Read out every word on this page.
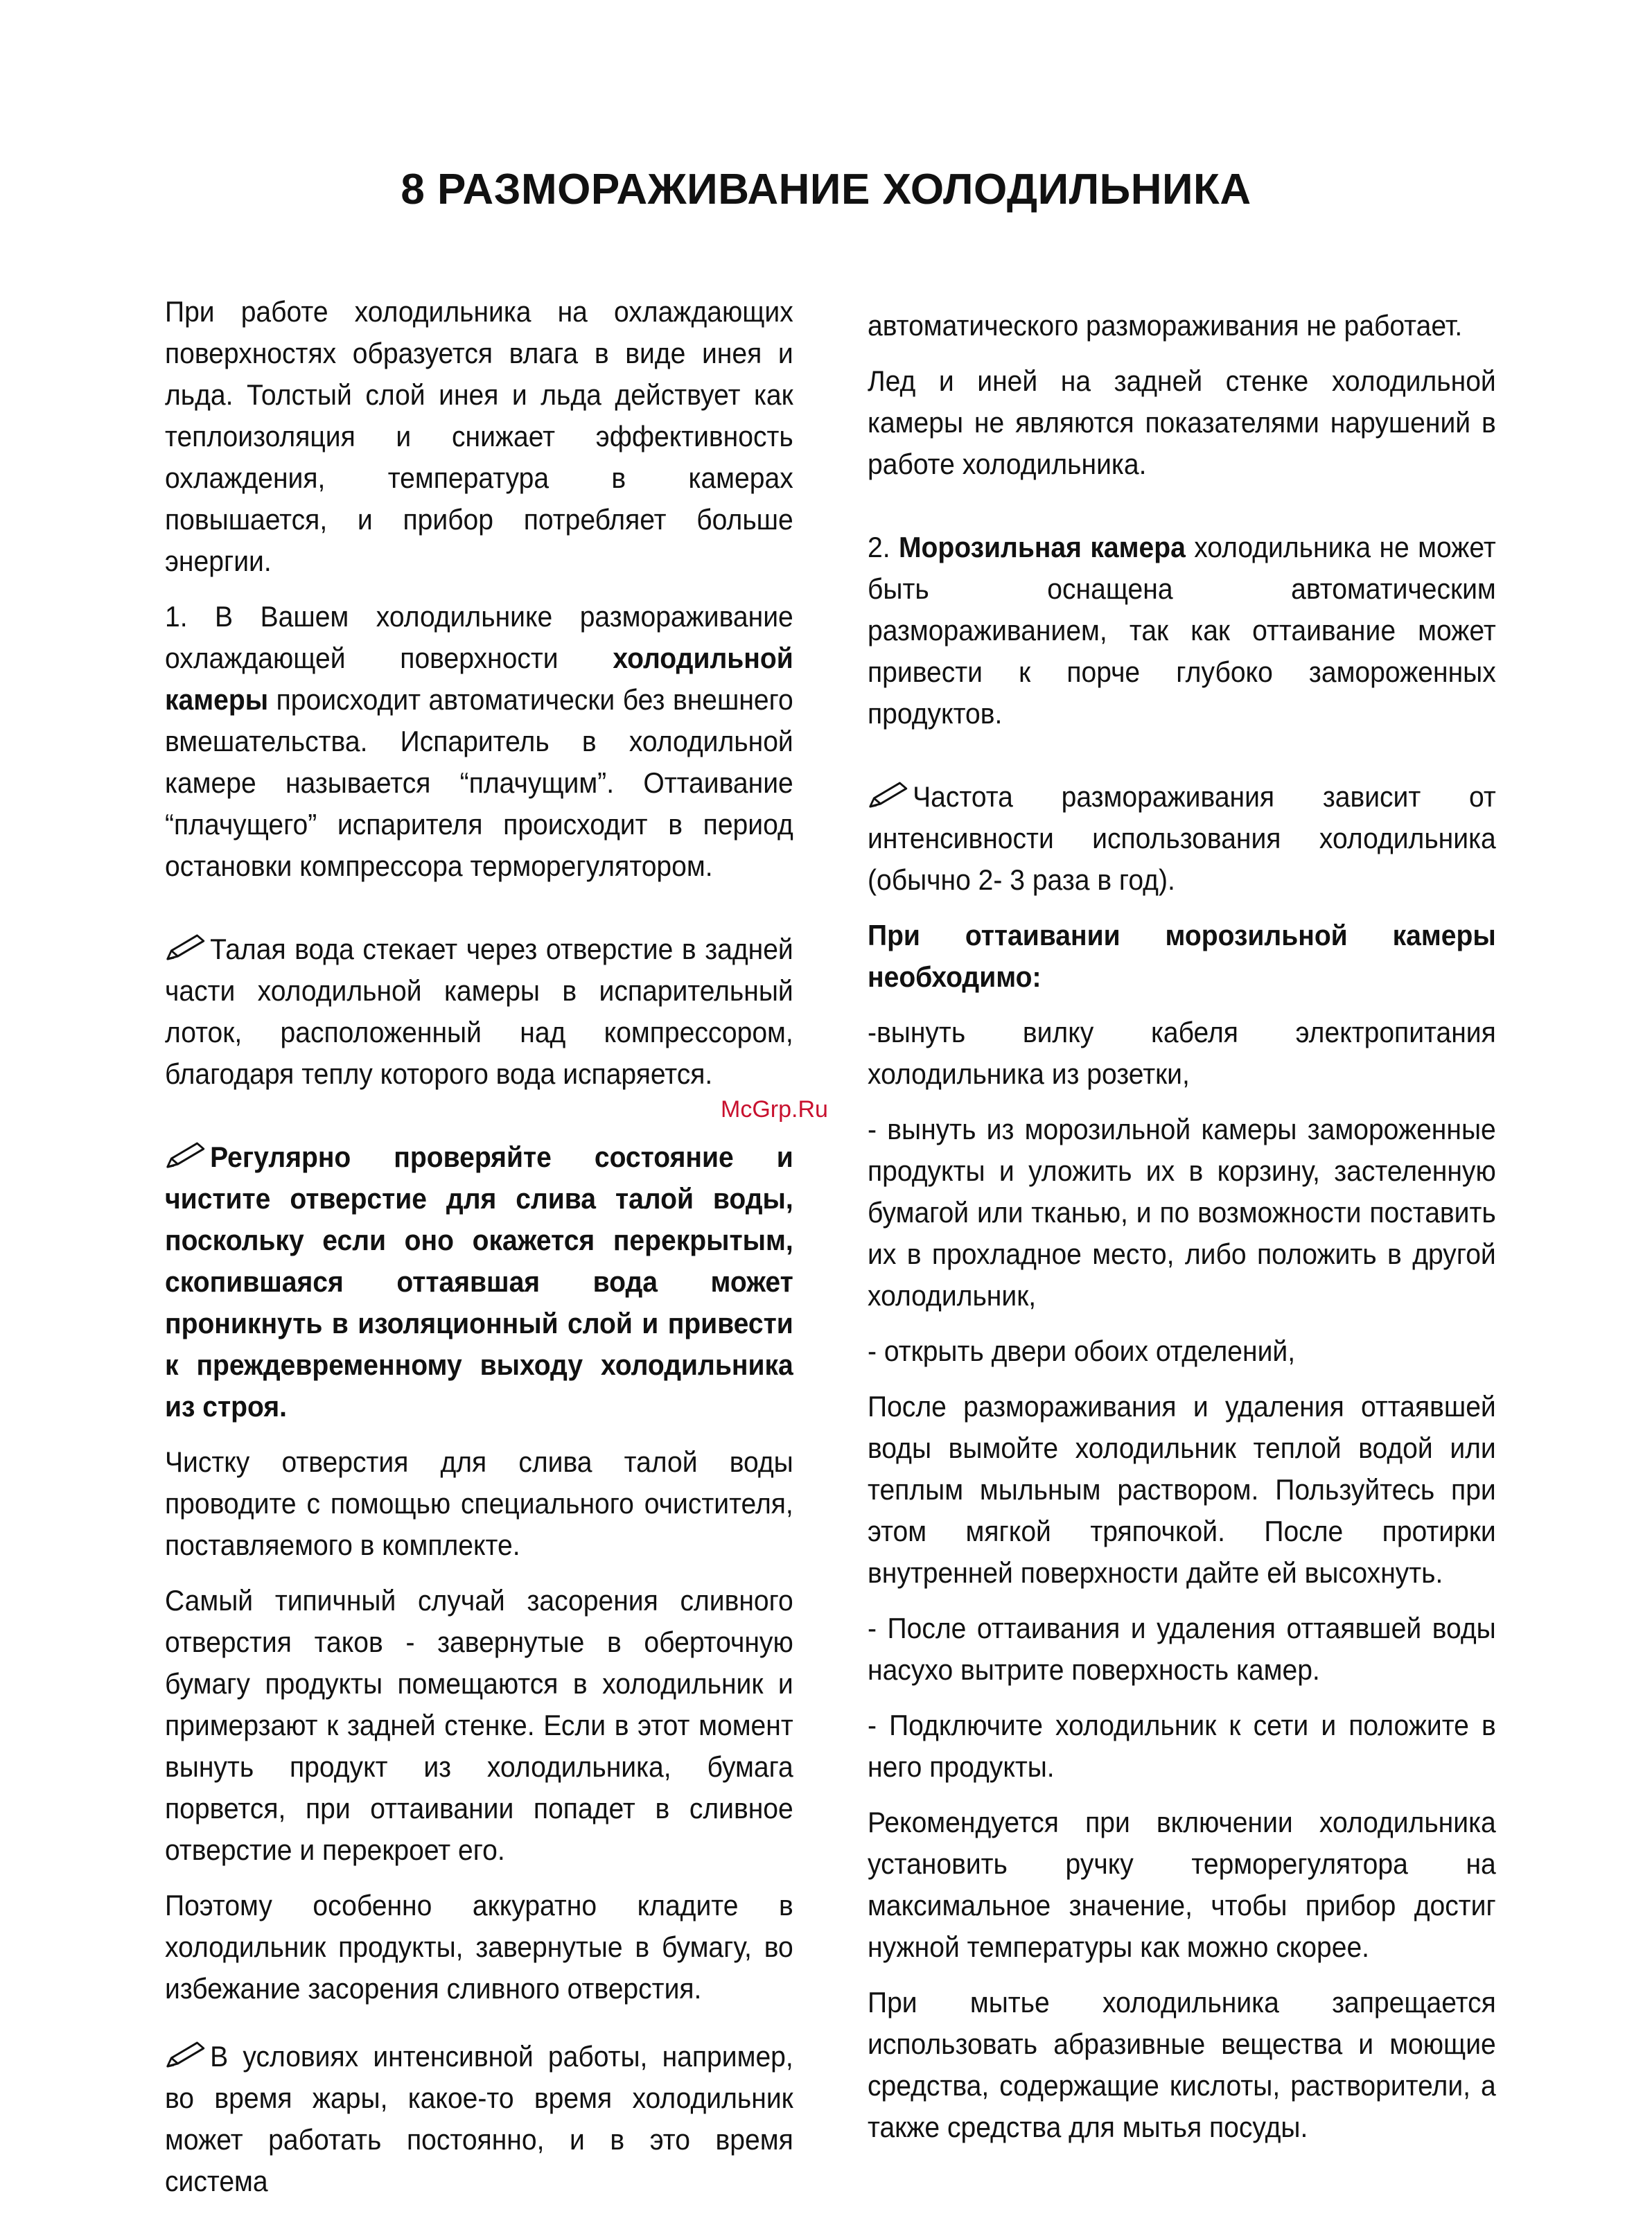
8 РАЗМОРАЖИВАНИЕ ХОЛОДИЛЬНИКА

При работе холодильника на охлаждающих поверхностях образуется влага в виде инея и льда. Толстый слой инея и льда действует как теплоизоляция и снижает эффективность охлаждения, температура в камерах повышается, и прибор потребляет больше энергии.

1. В Вашем холодильнике размораживание охлаждающей поверхности холодильной камеры происходит автоматически без внешнего вмешательства. Испаритель в холодильной камере называется “плачущим”. Оттаивание “плачущего” испарителя происходит в период остановки компрессора терморегулятором.

Талая вода стекает через отверстие в задней части холодильной камеры в испарительный лоток, расположенный над компрессором, благодаря теплу которого вода испаряется.

Регулярно проверяйте состояние и чистите отверстие для слива талой воды, поскольку если оно окажется перекрытым, скопившаяся оттаявшая вода может проникнуть в изоляционный слой и привести к преждевременному выходу холодильника из строя.

Чистку отверстия для слива талой воды проводите с помощью специального очистителя, поставляемого в комплекте.

Самый типичный случай засорения сливного отверстия таков - завернутые в оберточную бумагу продукты помещаются в холодильник и примерзают к задней стенке. Если в этот момент вынуть продукт из холодильника, бумага порвется, при оттаивании попадет в сливное отверстие и перекроет его.

Поэтому особенно аккуратно кладите в холодильник продукты, завернутые в бумагу, во избежание засорения сливного отверстия.

В условиях интенсивной работы, например, во время жары, какое-то время холодильник может работать постоянно, и в это время система

автоматического размораживания не работает.

Лед и иней на задней стенке холодильной камеры не являются показателями нарушений в работе холодильника.

2. Морозильная камера холодильника не может быть оснащена автоматическим размораживанием, так как оттаивание может привести к порче глубоко замороженных продуктов.

Частота размораживания зависит от интенсивности использования холодильника (обычно 2- 3 раза в год).

При оттаивании морозильной камеры необходимо:

-вынуть вилку кабеля электропитания холодильника из розетки,

- вынуть из морозильной камеры замороженные продукты и уложить их в корзину, застеленную бумагой или тканью, и по возможности поставить их в прохладное место, либо положить в другой холодильник,

- открыть двери обоих отделений,

После размораживания и удаления оттаявшей воды вымойте холодильник теплой водой или теплым мыльным раствором. Пользуйтесь при этом мягкой тряпочкой. После протирки внутренней поверхности дайте ей высохнуть.

- После оттаивания и удаления оттаявшей воды насухо вытрите поверхность камер.

- Подключите холодильник к сети и положите в него продукты.

Рекомендуется при включении холодильника установить ручку терморегулятора на максимальное значение, чтобы прибор достиг нужной температуры как можно скорее.

При мытье холодильника запрещается использовать абразивные вещества и моющие средства, содержащие кислоты, растворители, а также средства для мытья посуды.

McGrp.Ru
